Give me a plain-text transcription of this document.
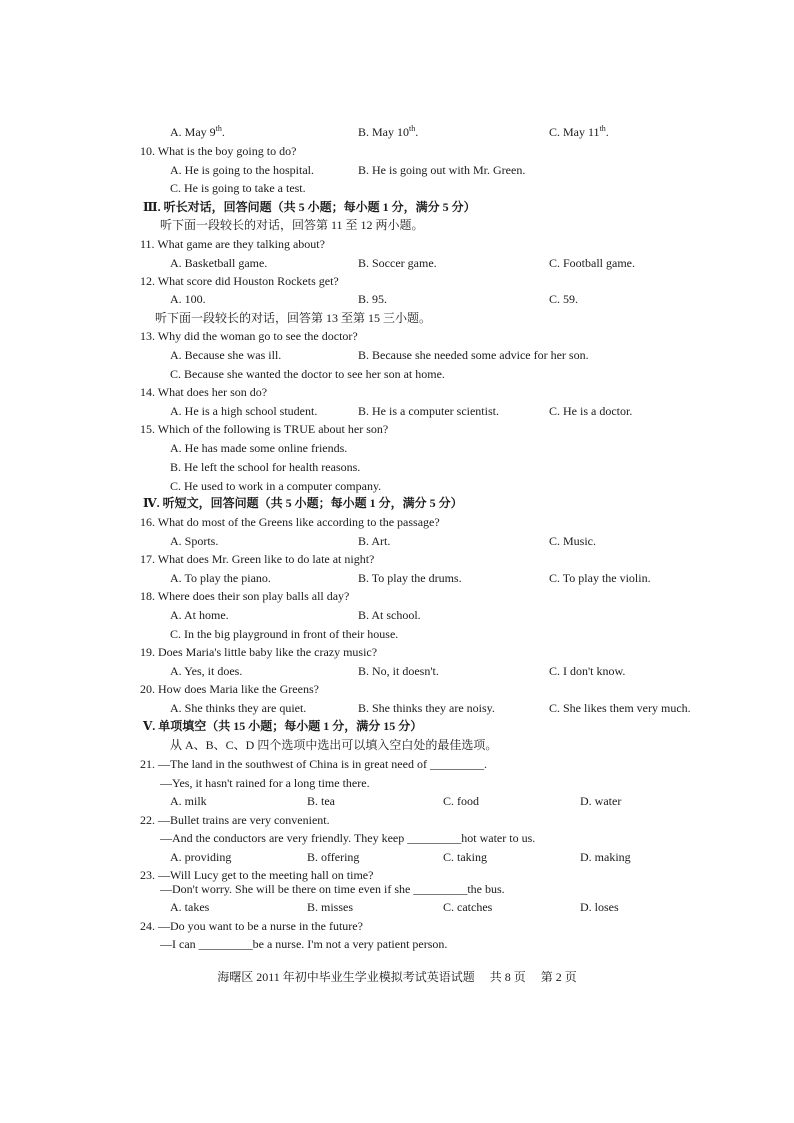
A. May 9th.	B. May 10th.	C. May 11th.
10. What is the boy going to do?
A. He is going to the hospital.	B. He is going out with Mr. Green.
C. He is going to take a test.
Ⅲ. 听长对话，回答问题（共 5 小题；每小题 1 分，满分 5 分）
听下面一段较长的对话，回答第 11 至 12 两小题。
11. What game are they talking about?
A. Basketball game.	B. Soccer game.	C. Football game.
12. What score did Houston Rockets get?
A. 100.	B. 95.	C. 59.
听下面一段较长的对话，回答第 13 至第 15 三小题。
13. Why did the woman go to see the doctor?
A. Because she was ill.	B. Because she needed some advice for her son.
C. Because she wanted the doctor to see her son at home.
14. What does her son do?
A. He is a high school student.	B. He is a computer scientist.	C. He is a doctor.
15. Which of the following is TRUE about her son?
A. He has made some online friends.
B. He left the school for health reasons.
C. He used to work in a computer company.
Ⅳ. 听短文，回答问题（共 5 小题；每小题 1 分，满分 5 分）
16. What do most of the Greens like according to the passage?
A. Sports.	B. Art.	C. Music.
17. What does Mr. Green like to do late at night?
A. To play the piano.	B. To play the drums.	C. To play the violin.
18. Where does their son play balls all day?
A. At home.	B. At school.
C. In the big playground in front of their house.
19. Does Maria's little baby like the crazy music?
A. Yes, it does.	B. No, it doesn't.	C. I don't know.
20. How does Maria like the Greens?
A. She thinks they are quiet.	B. She thinks they are noisy.	C. She likes them very much.
Ⅴ. 单项填空（共 15 小题；每小题 1 分，满分 15 分）
从 A、B、C、D 四个选项中选出可以填入空白处的最佳选项。
21. —The land in the southwest of China is in great need of _________.
—Yes, it hasn't rained for a long time there.
A. milk	B. tea	C. food	D. water
22. —Bullet trains are very convenient.
—And the conductors are very friendly. They keep _________hot water to us.
A. providing	B. offering	C. taking	D. making
23. —Will Lucy get to the meeting hall on time?
—Don't worry. She will be there on time even if she _________the bus.
A. takes	B. misses	C. catches	D. loses
24. —Do you want to be a nurse in the future?
—I can _________be a nurse. I'm not a very patient person.
海曙区 2011 年初中毕业生学业模拟考试英语试题 共 8 页 第 2 页
